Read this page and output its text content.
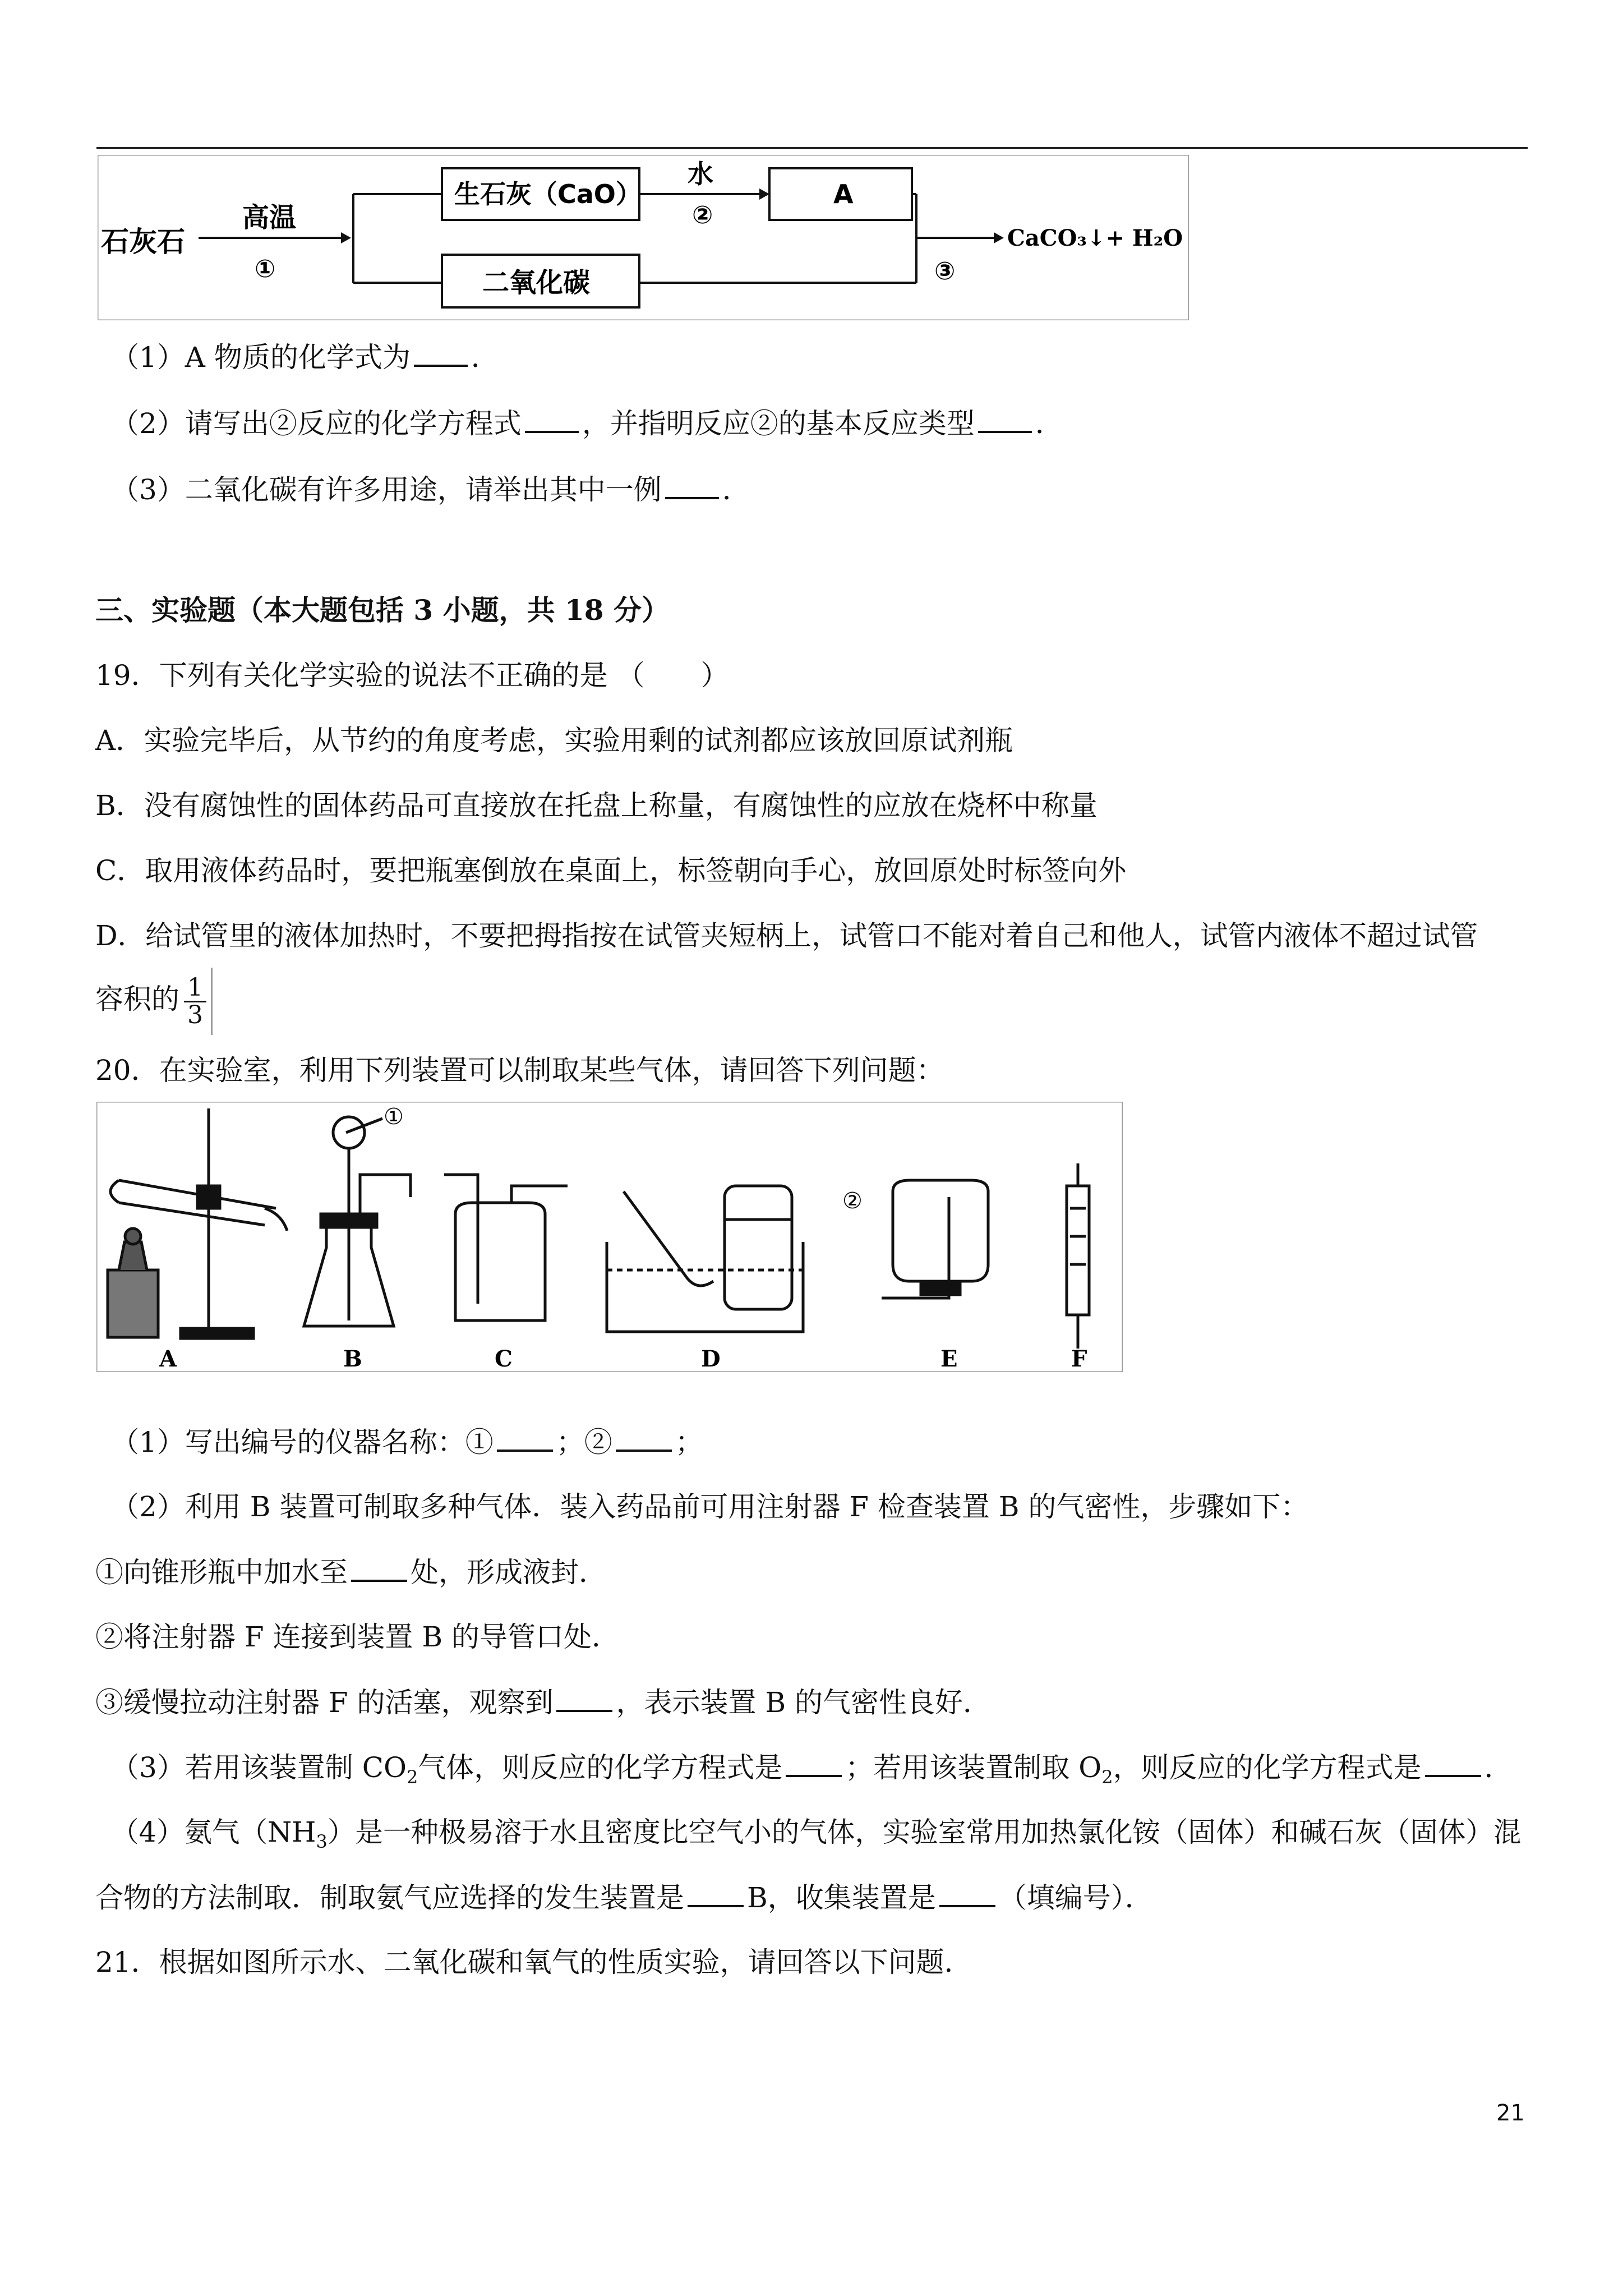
石灰石
高温
①
生石灰（CaO）
水
②
A
二氧化碳	③
CaCO₃↓+ H₂O
（1）A 物质的化学式为 ．
（2）请写出②反应的化学方程式 ，并指明反应②的基本反应类型 ．
（3）二氧化碳有许多用途，请举出其中一例 ．
三、实验题（本大题包括 3 小题，共 18 分）
19．下列有关化学实验的说法不正确的是 （　　）
A．实验完毕后，从节约的角度考虑，实验用剩的试剂都应该放回原试剂瓶
B．没有腐蚀性的固体药品可直接放在托盘上称量，有腐蚀性的应放在烧杯中称量
C．取用液体药品时，要把瓶塞倒放在桌面上，标签朝向手心，放回原处时标签向外
D．给试管里的液体加热时，不要把拇指按在试管夹短柄上，试管口不能对着自己和他人，试管内液体不超过试管
容积的 $\frac{1}{3}$
20．在实验室，利用下列装置可以制取某些气体，请回答下列问题：
①
②
A	B	C	D	E	F
（1）写出编号的仪器名称：① ；② ；
（2）利用 B 装置可制取多种气体．装入药品前可用注射器 F 检查装置 B 的气密性，步骤如下：
①向锥形瓶中加水至 处，形成液封．
②将注射器 F 连接到装置 B 的导管口处．
③缓慢拉动注射器 F 的活塞，观察到 ，表示装置 B 的气密性良好．
（3）若用该装置制 $CO_2$气体，则反应的化学方程式是 ；若用该装置制取 $O_2$，则反应的化学方程式是 ．
（4）氨气$(NH_3)$是一种极易溶于水且密度比空气小的气体，实验室常用加热氯化铵（固体）和碱石灰（固体）混
合物的方法制取．制取氨气应选择的发生装置是 B，收集装置是 （填编号）．
21．根据如图所示水、二氧化碳和氧气的性质实验，请回答以下问题．
21
